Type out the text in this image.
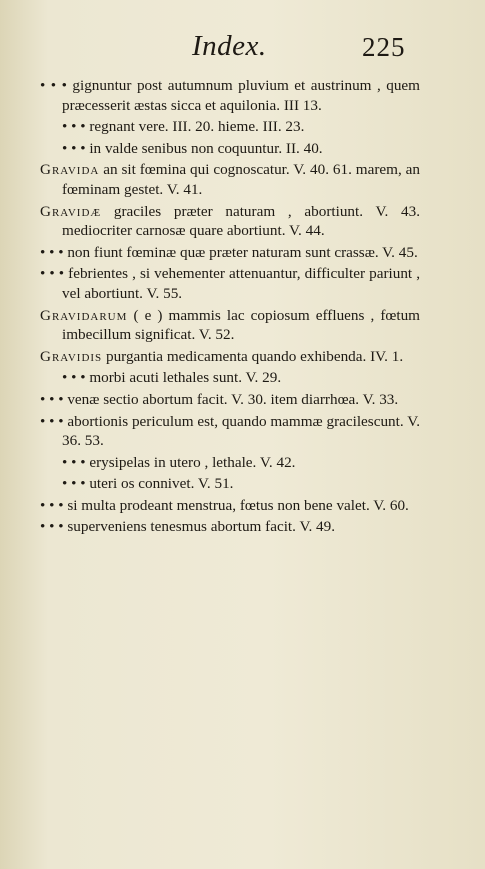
Index.	225

• • • gignuntur post autumnum pluvium et austrinum , quem præcesserit æstas sicca et aquilonia. III 13.

• • • regnant vere. III. 20. hieme. III. 23.

• • • in valde senibus non coquuntur. II. 40.

Gravida an sit fœmina qui cognoscatur. V. 40. 61. marem, an fœminam gestet. V. 41.

Gravidæ graciles præter naturam , abortiunt. V. 43. mediocriter carnosæ quare abortiunt. V. 44.

• • • non fiunt fœminæ quæ præter naturam sunt crassæ. V. 45.

• • • febrientes , si vehementer attenuantur, difficulter pariunt , vel abortiunt. V. 55.

Gravidarum ( e ) mammis lac copiosum effluens , fœtum imbecillum significat. V. 52.

Gravidis purgantia medicamenta quando exhibenda. IV. 1.

• • • morbi acuti lethales sunt. V. 29.

• • • venæ sectio abortum facit. V. 30. item diarrhœa. V. 33.

• • • abortionis periculum est, quando mammæ gracilescunt. V. 36. 53.

• • • erysipelas in utero , lethale. V. 42.

• • • uteri os connivet. V. 51.

• • • si multa prodeant menstrua, fœtus non bene valet. V. 60.

• • • superveniens tenesmus abortum facit. V. 49.
